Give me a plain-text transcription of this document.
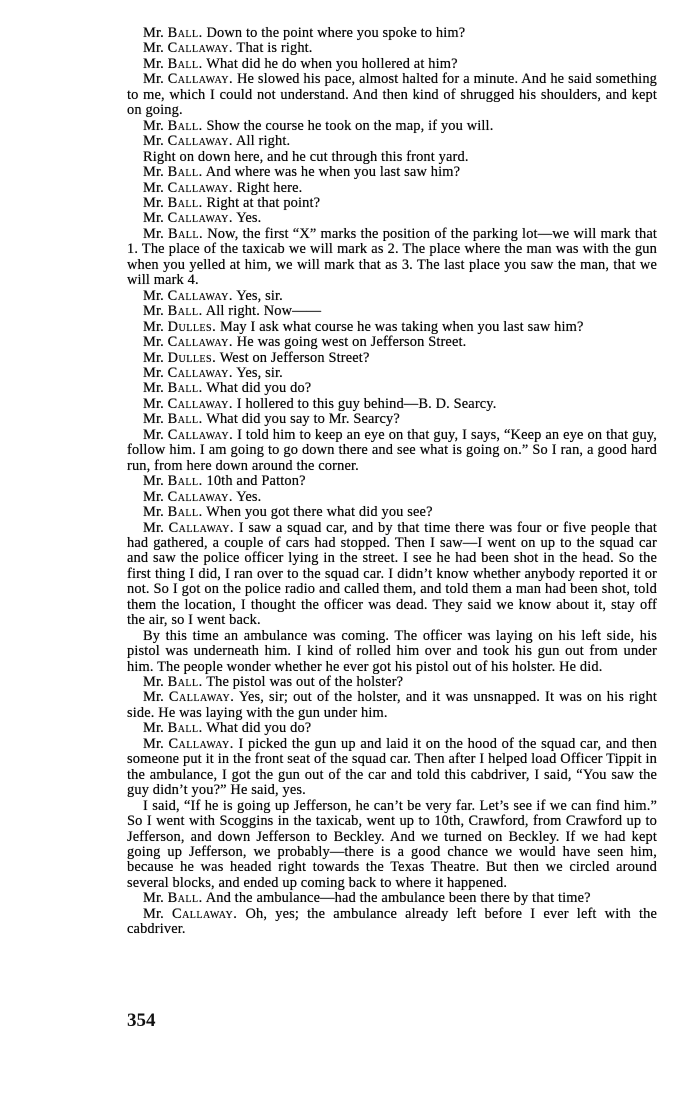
Mr. Ball. Down to the point where you spoke to him?

Mr. Callaway. That is right.

Mr. Ball. What did he do when you hollered at him?

Mr. Callaway. He slowed his pace, almost halted for a minute. And he said something to me, which I could not understand. And then kind of shrugged his shoulders, and kept on going.

Mr. Ball. Show the course he took on the map, if you will.

Mr. Callaway. All right.

Right on down here, and he cut through this front yard.

Mr. Ball. And where was he when you last saw him?

Mr. Callaway. Right here.

Mr. Ball. Right at that point?

Mr. Callaway. Yes.

Mr. Ball. Now, the first “X” marks the position of the parking lot—we will mark that 1. The place of the taxicab we will mark as 2. The place where the man was with the gun when you yelled at him, we will mark that as 3. The last place you saw the man, that we will mark 4.

Mr. Callaway. Yes, sir.

Mr. Ball. All right. Now——

Mr. Dulles. May I ask what course he was taking when you last saw him?

Mr. Callaway. He was going west on Jefferson Street.

Mr. Dulles. West on Jefferson Street?

Mr. Callaway. Yes, sir.

Mr. Ball. What did you do?

Mr. Callaway. I hollered to this guy behind—B. D. Searcy.

Mr. Ball. What did you say to Mr. Searcy?

Mr. Callaway. I told him to keep an eye on that guy, I says, “Keep an eye on that guy, follow him. I am going to go down there and see what is going on.” So I ran, a good hard run, from here down around the corner.

Mr. Ball. 10th and Patton?

Mr. Callaway. Yes.

Mr. Ball. When you got there what did you see?

Mr. Callaway. I saw a squad car, and by that time there was four or five people that had gathered, a couple of cars had stopped. Then I saw—I went on up to the squad car and saw the police officer lying in the street. I see he had been shot in the head. So the first thing I did, I ran over to the squad car. I didn’t know whether anybody reported it or not. So I got on the police radio and called them, and told them a man had been shot, told them the location, I thought the officer was dead. They said we know about it, stay off the air, so I went back.

By this time an ambulance was coming. The officer was laying on his left side, his pistol was underneath him. I kind of rolled him over and took his gun out from under him. The people wonder whether he ever got his pistol out of his holster. He did.

Mr. Ball. The pistol was out of the holster?

Mr. Callaway. Yes, sir; out of the holster, and it was unsnapped. It was on his right side. He was laying with the gun under him.

Mr. Ball. What did you do?

Mr. Callaway. I picked the gun up and laid it on the hood of the squad car, and then someone put it in the front seat of the squad car. Then after I helped load Officer Tippit in the ambulance, I got the gun out of the car and told this cabdriver, I said, “You saw the guy didn’t you?” He said, yes.

I said, “If he is going up Jefferson, he can’t be very far. Let’s see if we can find him.” So I went with Scoggins in the taxicab, went up to 10th, Crawford, from Crawford up to Jefferson, and down Jefferson to Beckley. And we turned on Beckley. If we had kept going up Jefferson, we probably—there is a good chance we would have seen him, because he was headed right towards the Texas Theatre. But then we circled around several blocks, and ended up coming back to where it happened.

Mr. Ball. And the ambulance—had the ambulance been there by that time?

Mr. Callaway. Oh, yes; the ambulance already left before I ever left with the cabdriver.

354
